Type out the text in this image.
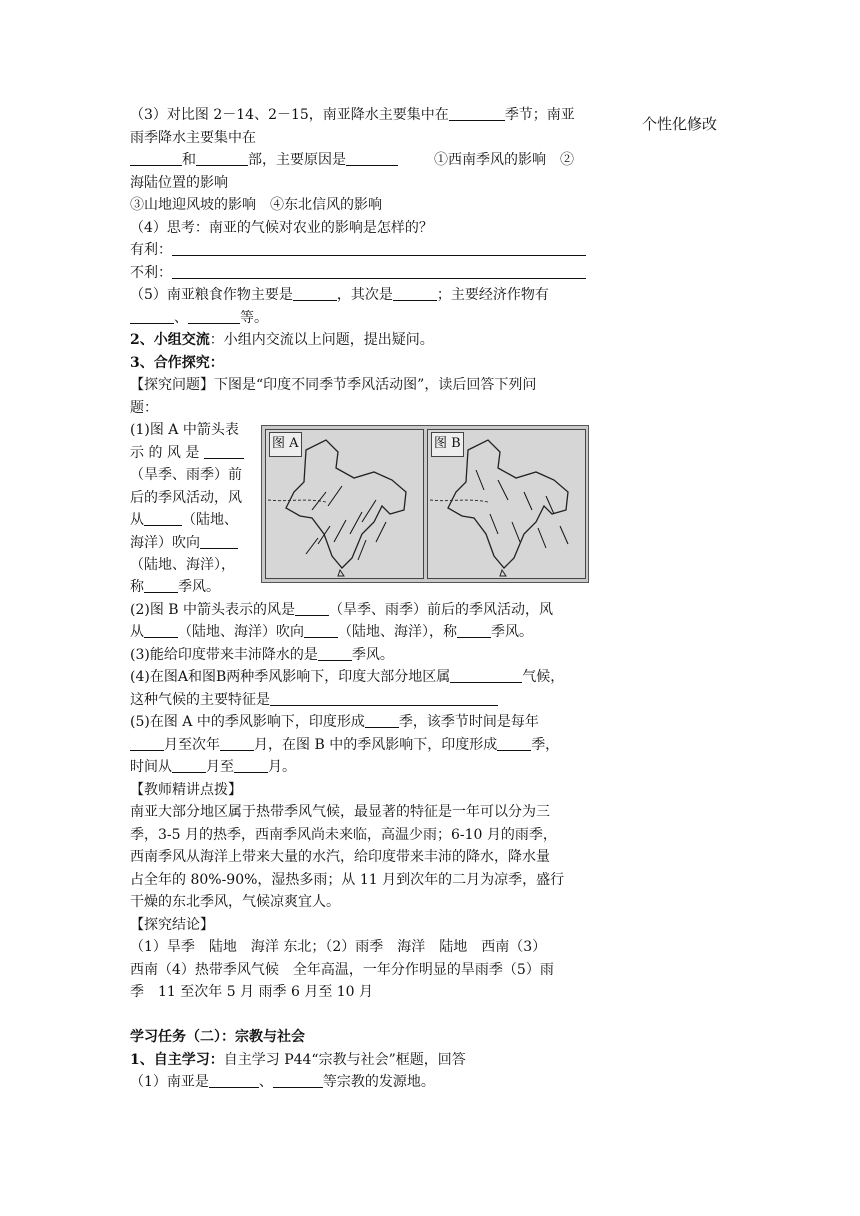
个性化修改
（3）对比图 2－14、2－15，南亚降水主要集中在	季节；南亚
雨季降水主要集中在
和	部，主要原因是	①西南季风的影响　②
海陆位置的影响
③山地迎风坡的影响　④东北信风的影响
（4）思考：南亚的气候对农业的影响是怎样的？
有利：
不利：
（5）南亚粮食作物主要是	，其次是	；主要经济作物有
、	等。
2、小组交流：小组内交流以上问题，提出疑问。
3、合作探究：
【探究问题】下图是“印度不同季节季风活动图”，读后回答下列问
题：
(1)图 A 中箭头表
示 的 风 是
（旱季、雨季）前
后的季风活动，风
从	（陆地、
海洋）吹向
（陆地、海洋），
图 A	图 B
称 季风。
(2)图 B 中箭头表示的风是 （旱季、雨季）前后的季风活动，风
从 （陆地、海洋）吹向 （陆地、海洋），称 季风。
(3)能给印度带来丰沛降水的是 季风。
(4)在图A和图B两种季风影响下，印度大部分地区属	气候，
这种气候的主要特征是
(5)在图 A 中的季风影响下，印度形成 季，该季节时间是每年
月至次年 月，在图 B 中的季风影响下，印度形成 季，
时间从 月至 月。
【教师精讲点拨】
南亚大部分地区属于热带季风气候，最显著的特征是一年可以分为三
季，3-5 月的热季，西南季风尚未来临，高温少雨；6-10 月的雨季，
西南季风从海洋上带来大量的水汽，给印度带来丰沛的降水，降水量
占全年的 80%-90%，湿热多雨；从 11 月到次年的二月为凉季，盛行
干燥的东北季风，气候凉爽宜人。
【探究结论】
（1）旱季　陆地　海洋 东北；（2）雨季　海洋　陆地　西南（3）
西南（4）热带季风气候　全年高温，一年分作明显的旱雨季（5）雨
季　11 至次年 5 月 雨季 6 月至 10 月
学习任务（二）：宗教与社会
1、自主学习：自主学习 P44“宗教与社会”框题，回答
（1）南亚是	、	等宗教的发源地。
